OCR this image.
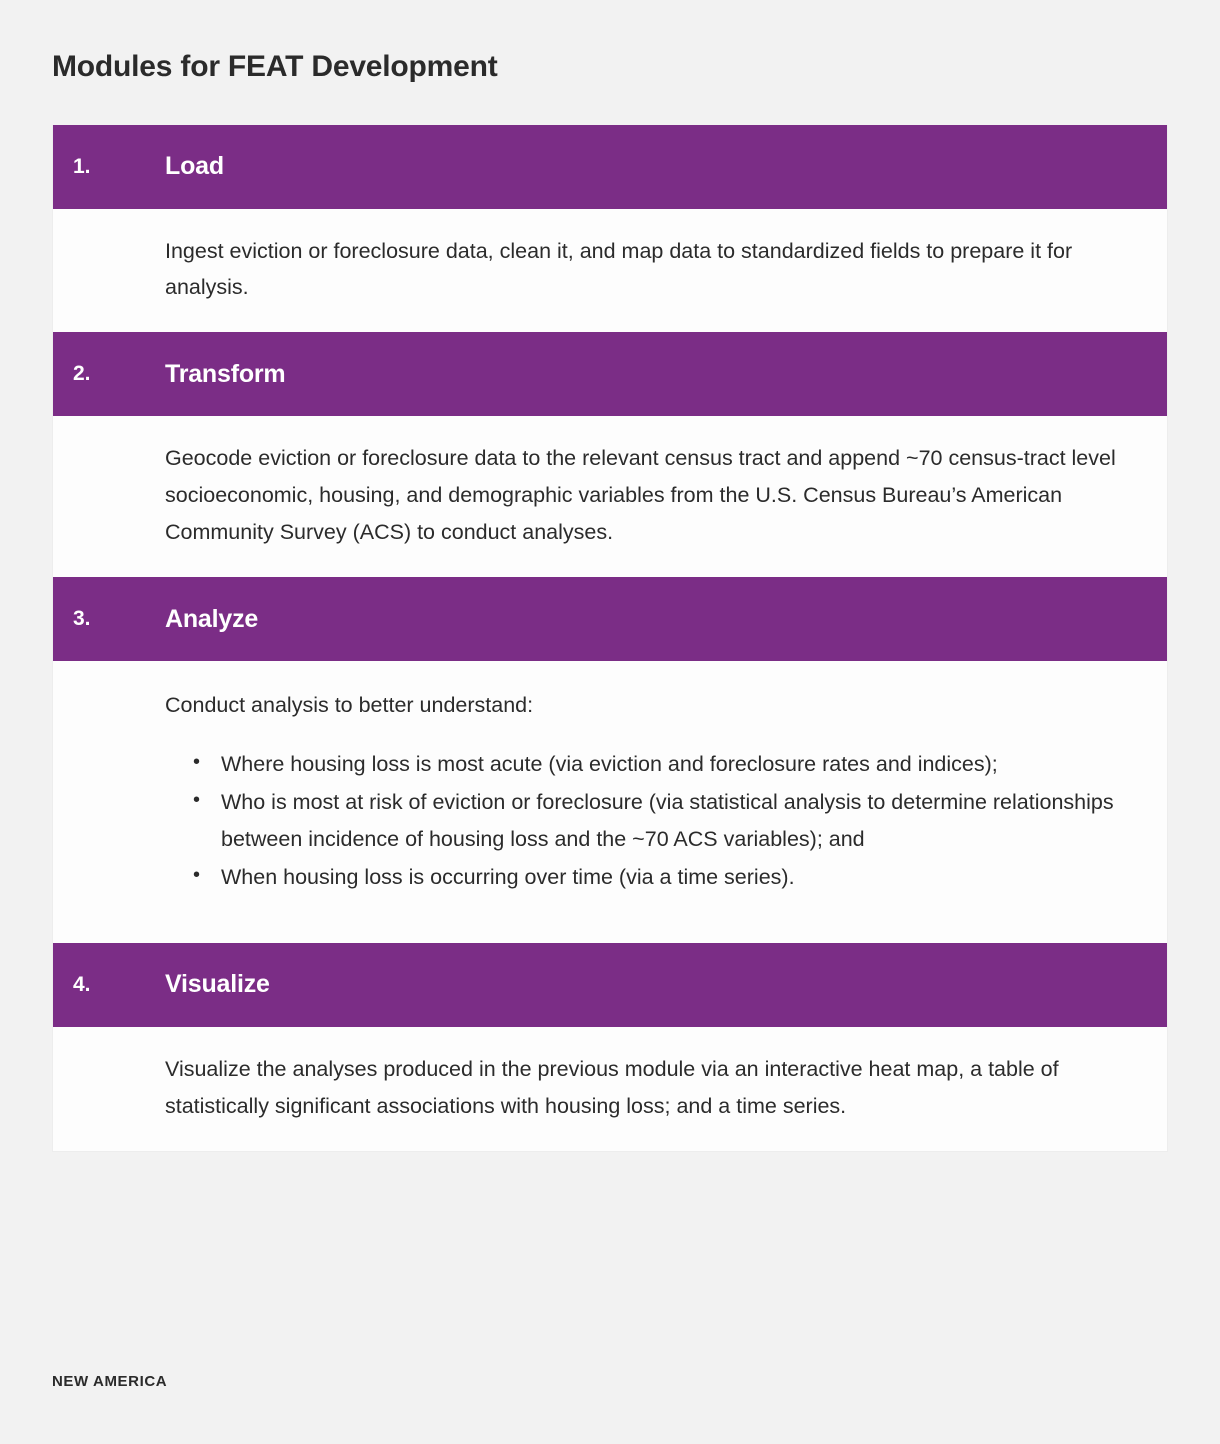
Modules for FEAT Development
1.	Load

Ingest eviction or foreclosure data, clean it, and map data to standardized fields to prepare it for analysis.

2.	Transform

Geocode eviction or foreclosure data to the relevant census tract and append ~70 census-tract level socioeconomic, housing, and demographic variables from the U.S. Census Bureau’s American Community Survey (ACS) to conduct analyses.

3.	Analyze

Conduct analysis to better understand:

• Where housing loss is most acute (via eviction and foreclosure rates and indices);
• Who is most at risk of eviction or foreclosure (via statistical analysis to determine relationships between incidence of housing loss and the ~70 ACS variables); and
• When housing loss is occurring over time (via a time series).
4.	Visualize

Visualize the analyses produced in the previous module via an interactive heat map, a table of statistically significant associations with housing loss; and a time series.

NEW AMERICA
